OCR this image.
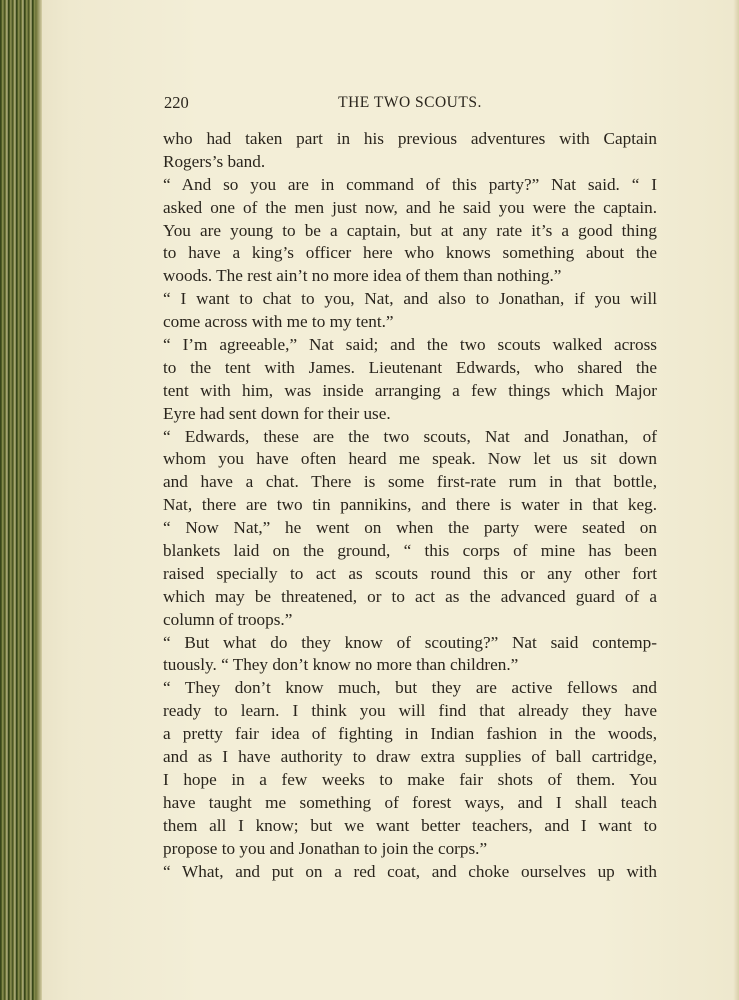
220	THE TWO SCOUTS.
who had taken part in his previous adventures with Captain
Rogers’s band.
“ And so you are in command of this party?” Nat said. “ I
asked one of the men just now, and he said you were the captain.
You are young to be a captain, but at any rate it’s a good thing
to have a king’s officer here who knows something about the
woods. The rest ain’t no more idea of them than nothing.”
“ I want to chat to you, Nat, and also to Jonathan, if you will
come across with me to my tent.”
“ I’m agreeable,” Nat said; and the two scouts walked across
to the tent with James. Lieutenant Edwards, who shared the
tent with him, was inside arranging a few things which Major
Eyre had sent down for their use.
“ Edwards, these are the two scouts, Nat and Jonathan, of
whom you have often heard me speak. Now let us sit down
and have a chat. There is some first-rate rum in that bottle,
Nat, there are two tin pannikins, and there is water in that keg.
“ Now Nat,” he went on when the party were seated on
blankets laid on the ground, “ this corps of mine has been
raised specially to act as scouts round this or any other fort
which may be threatened, or to act as the advanced guard of a
column of troops.”
“ But what do they know of scouting?” Nat said contemp-
tuously. “ They don’t know no more than children.”
“ They don’t know much, but they are active fellows and
ready to learn. I think you will find that already they have
a pretty fair idea of fighting in Indian fashion in the woods,
and as I have authority to draw extra supplies of ball cartridge,
I hope in a few weeks to make fair shots of them. You
have taught me something of forest ways, and I shall teach
them all I know; but we want better teachers, and I want to
propose to you and Jonathan to join the corps.”
“ What, and put on a red coat, and choke ourselves up with
